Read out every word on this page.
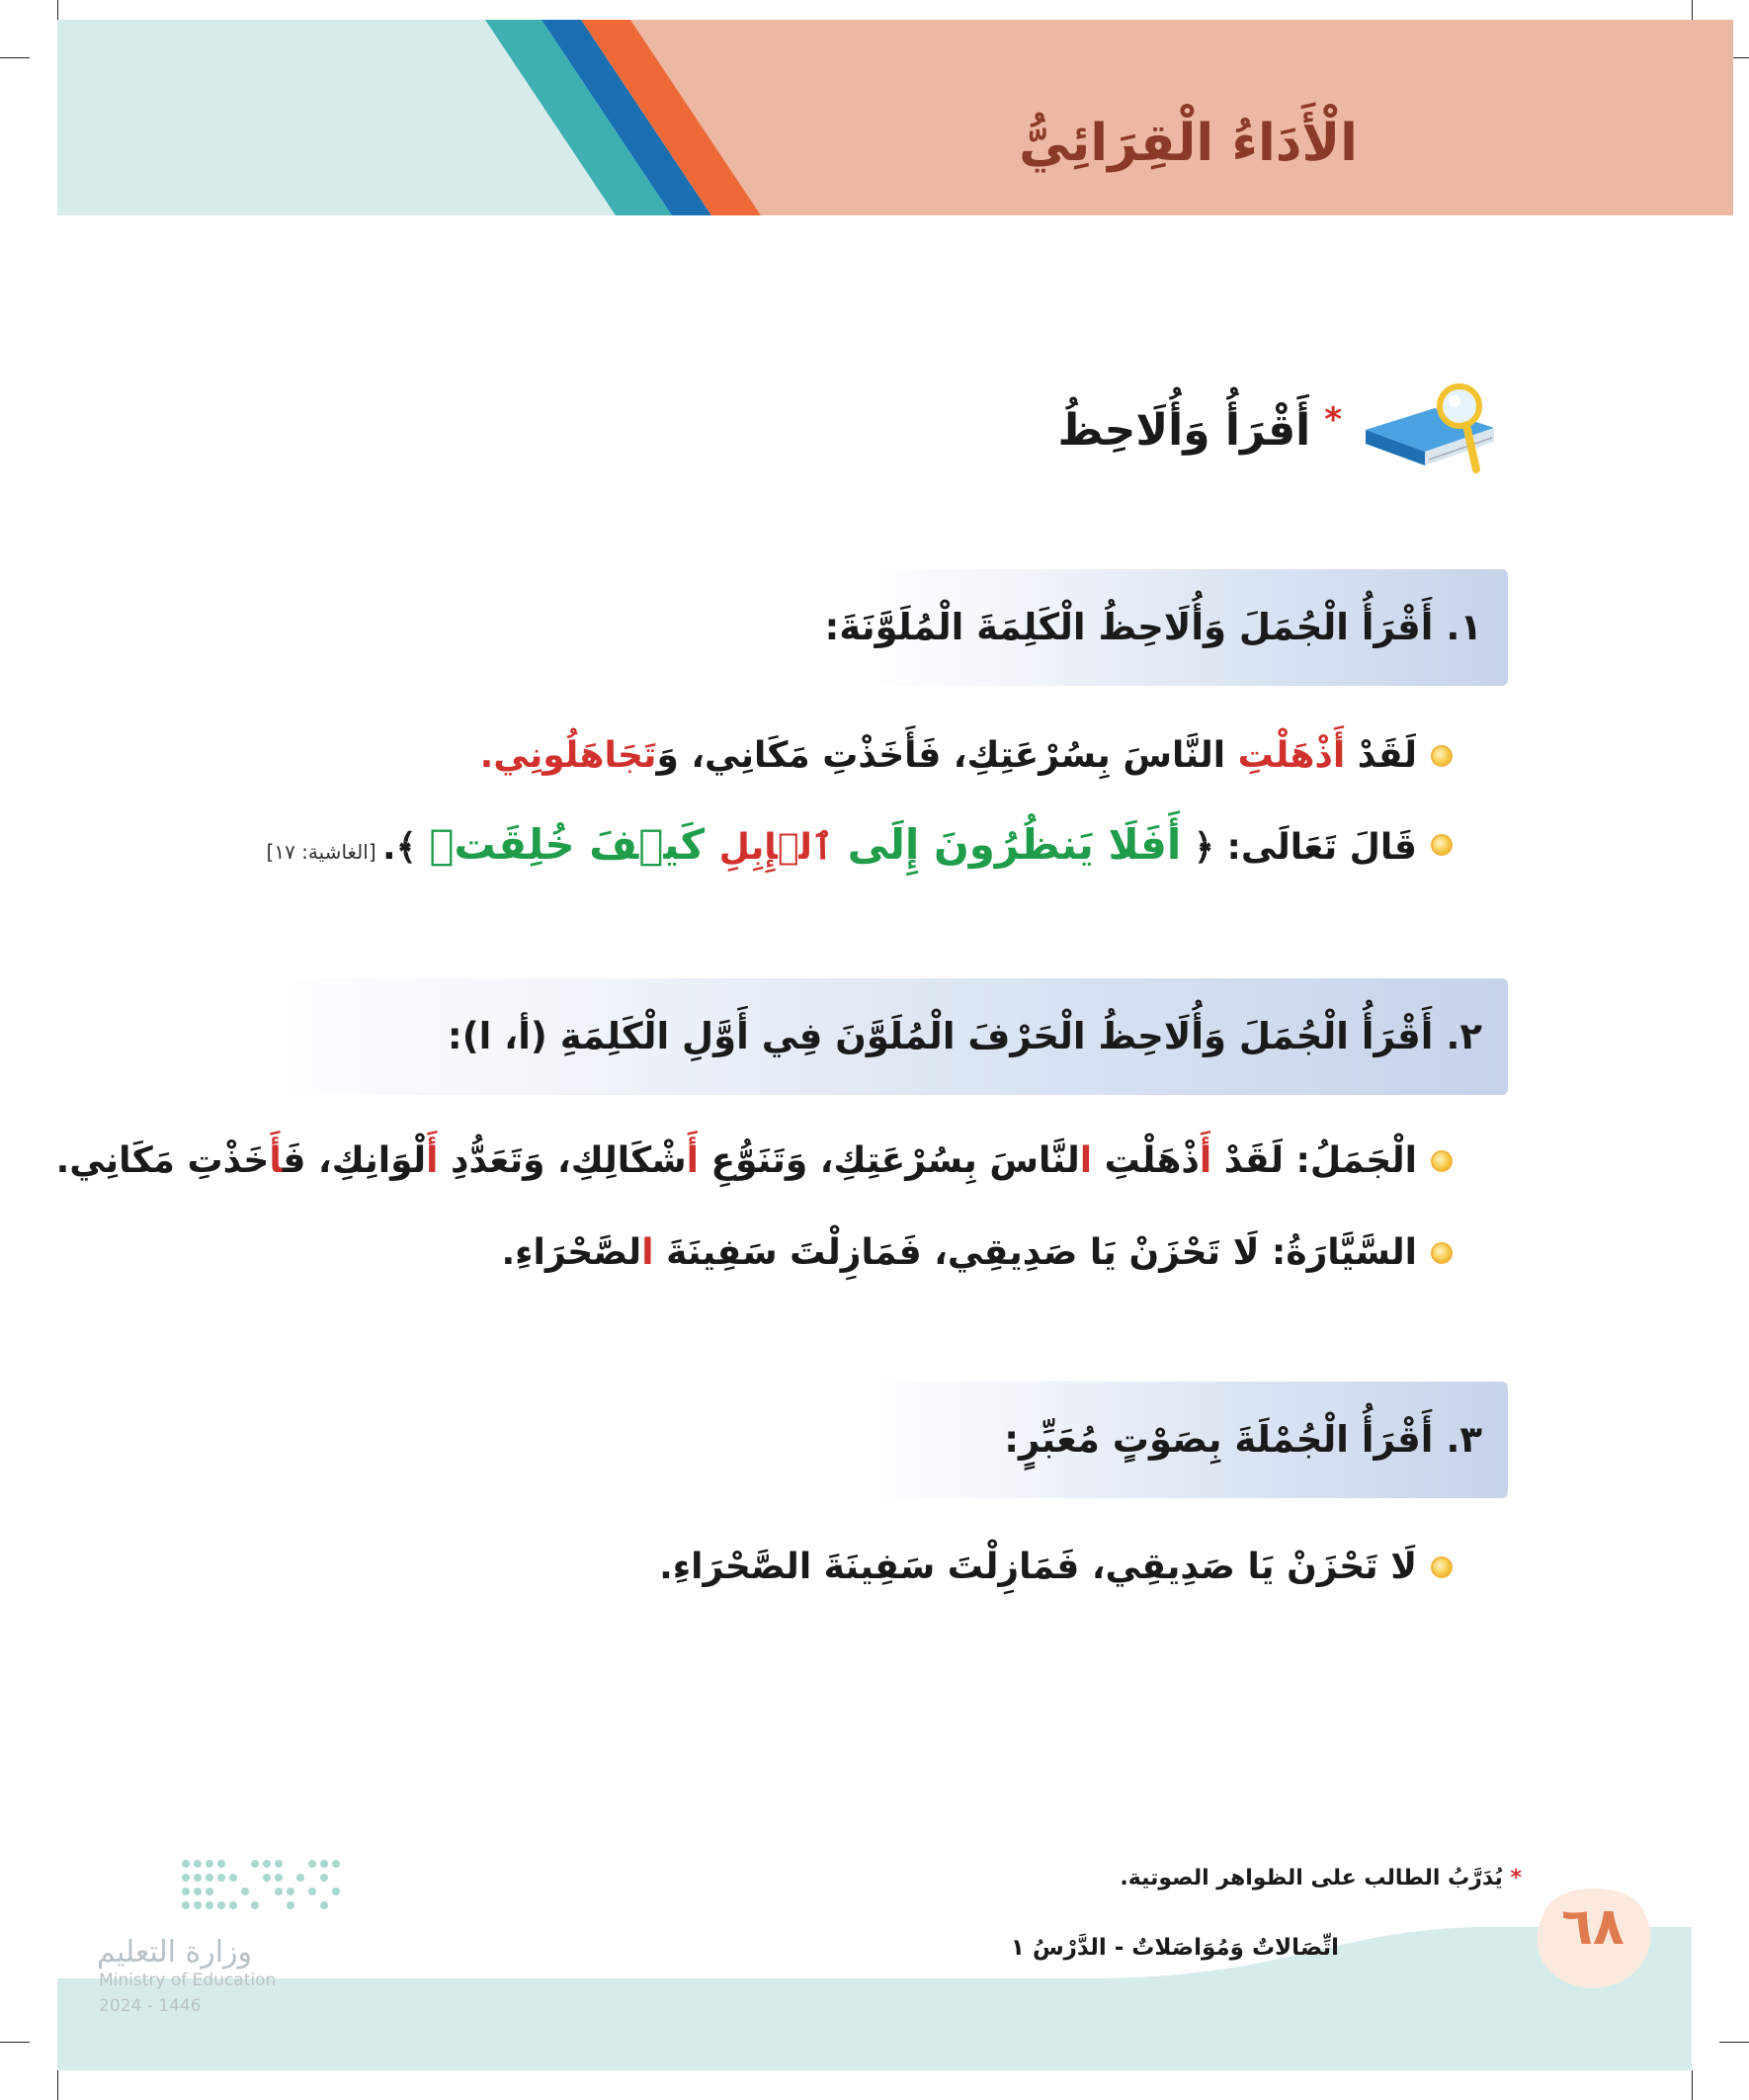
الْأَدَاءُ الْقِرَائِيُّ
أَقْرَأُ وَأُلَاحِظُ *
١. أَقْرَأُ الْجُمَلَ وَأُلَاحِظُ الْكَلِمَةَ الْمُلَوَّنَةَ:
لَقَدْ أَذْهَلْتِ النَّاسَ بِسُرْعَتِكِ، فَأَخَذْتِ مَكَانِي، وَتَجَاهَلُونِي.
قَالَ تَعَالَى: ﴿ أَفَلَا يَنظُرُونَ إِلَى ٱلۡإِبِلِ كَيۡفَ خُلِقَتۡ ﴾. [الغاشية: ١٧]
٢. أَقْرَأُ الْجُمَلَ وَأُلَاحِظُ الْحَرْفَ الْمُلَوَّنَ فِي أَوَّلِ الْكَلِمَةِ (أ، ا):
الْجَمَلُ: لَقَدْ أَذْهَلْتِ النَّاسَ بِسُرْعَتِكِ، وَتَنَوُّعِ أَشْكَالِكِ، وَتَعَدُّدِ أَلْوَانِكِ، فَأَخَذْتِ مَكَانِي.
السَّيَّارَةُ: لَا تَحْزَنْ يَا صَدِيقِي، فَمَازِلْتَ سَفِينَةَ الصَّحْرَاءِ.
٣. أَقْرَأُ الْجُمْلَةَ بِصَوْتٍ مُعَبِّرٍ:
لَا تَحْزَنْ يَا صَدِيقِي، فَمَازِلْتَ سَفِينَةَ الصَّحْرَاءِ.
* يُدَرَّبُ الطالب على الظواهر الصوتية.
٦٨
اتِّصَالاتٌ وَمُوَاصَلاتٌ - الدَّرْسُ ١
وزارة التعليم
Ministry of Education
2024 - 1446
